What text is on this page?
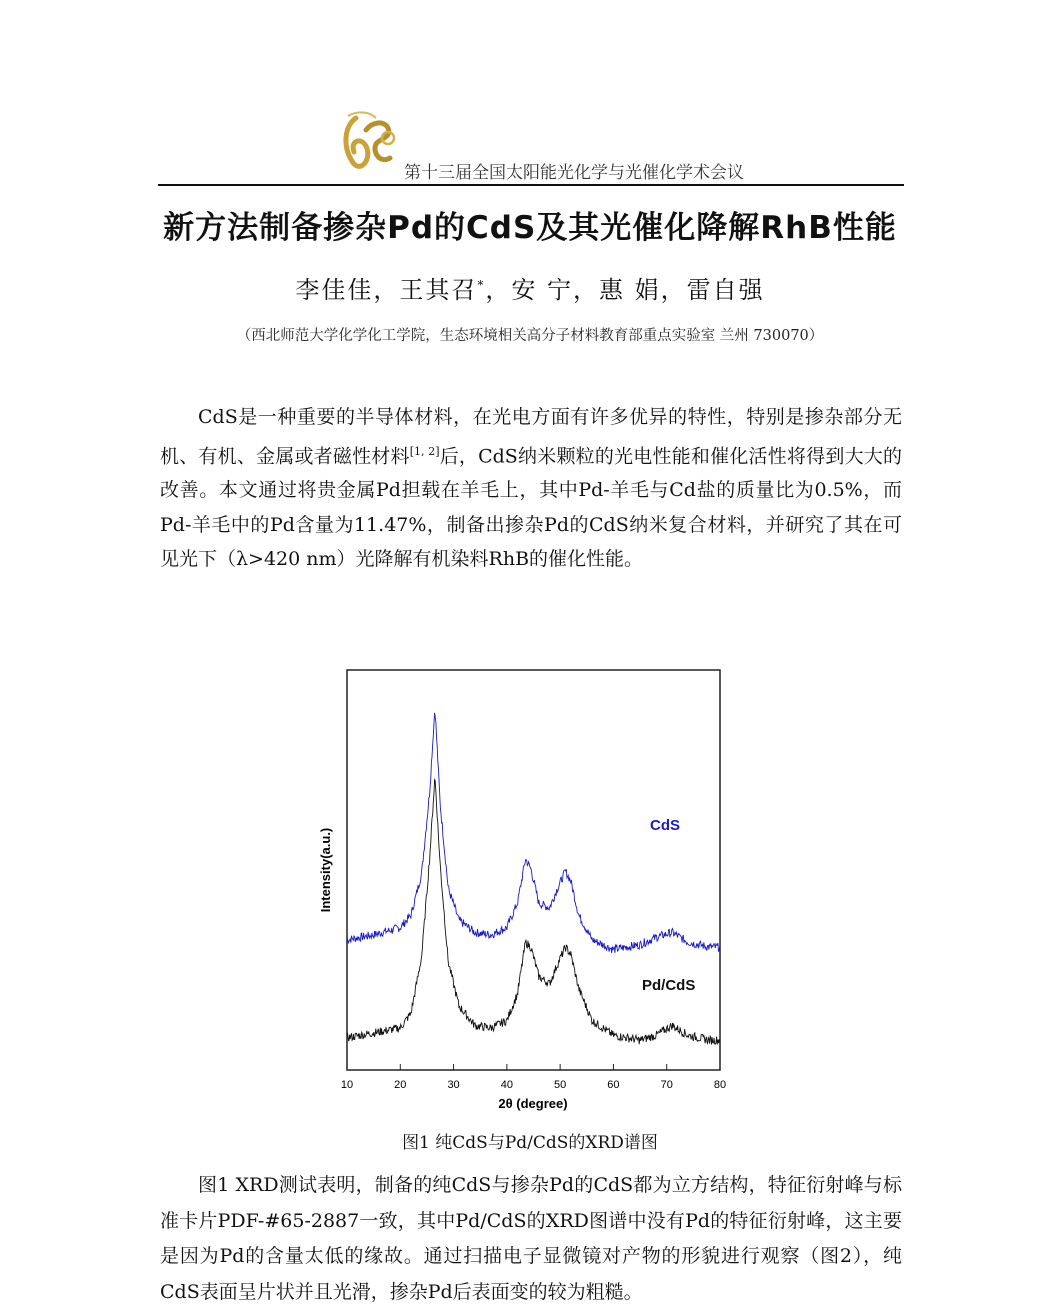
第十三届全国太阳能光化学与光催化学术会议
新方法制备掺杂Pd的CdS及其光催化降解RhB性能
李佳佳，王其召*，安 宁，惠 娟，雷自强
（西北师范大学化学化工学院，生态环境相关高分子材料教育部重点实验室 兰州 730070）

CdS是一种重要的半导体材料，在光电方面有许多优异的特性，特别是掺杂部分无机、有机、金属或者磁性材料[1, 2]后，CdS纳米颗粒的光电性能和催化活性将得到大大的改善。本文通过将贵金属Pd担载在羊毛上，其中Pd-羊毛与Cd盐的质量比为0.5%，而Pd-羊毛中的Pd含量为11.47%，制备出掺杂Pd的CdS纳米复合材料，并研究了其在可见光下（λ>420 nm）光降解有机染料RhB的催化性能。

10	20	30	40	50	60	70	80
2θ (degree)
Intensity(a.u.)
CdS
Pd/CdS
图1 纯CdS与Pd/CdS的XRD谱图

图1 XRD测试表明，制备的纯CdS与掺杂Pd的CdS都为立方结构，特征衍射峰与标准卡片PDF-#65-2887一致，其中Pd/CdS的XRD图谱中没有Pd的特征衍射峰，这主要是因为Pd的含量太低的缘故。通过扫描电子显微镜对产物的形貌进行观察（图2），纯CdS表面呈片状并且光滑，掺杂Pd后表面变的较为粗糙。
